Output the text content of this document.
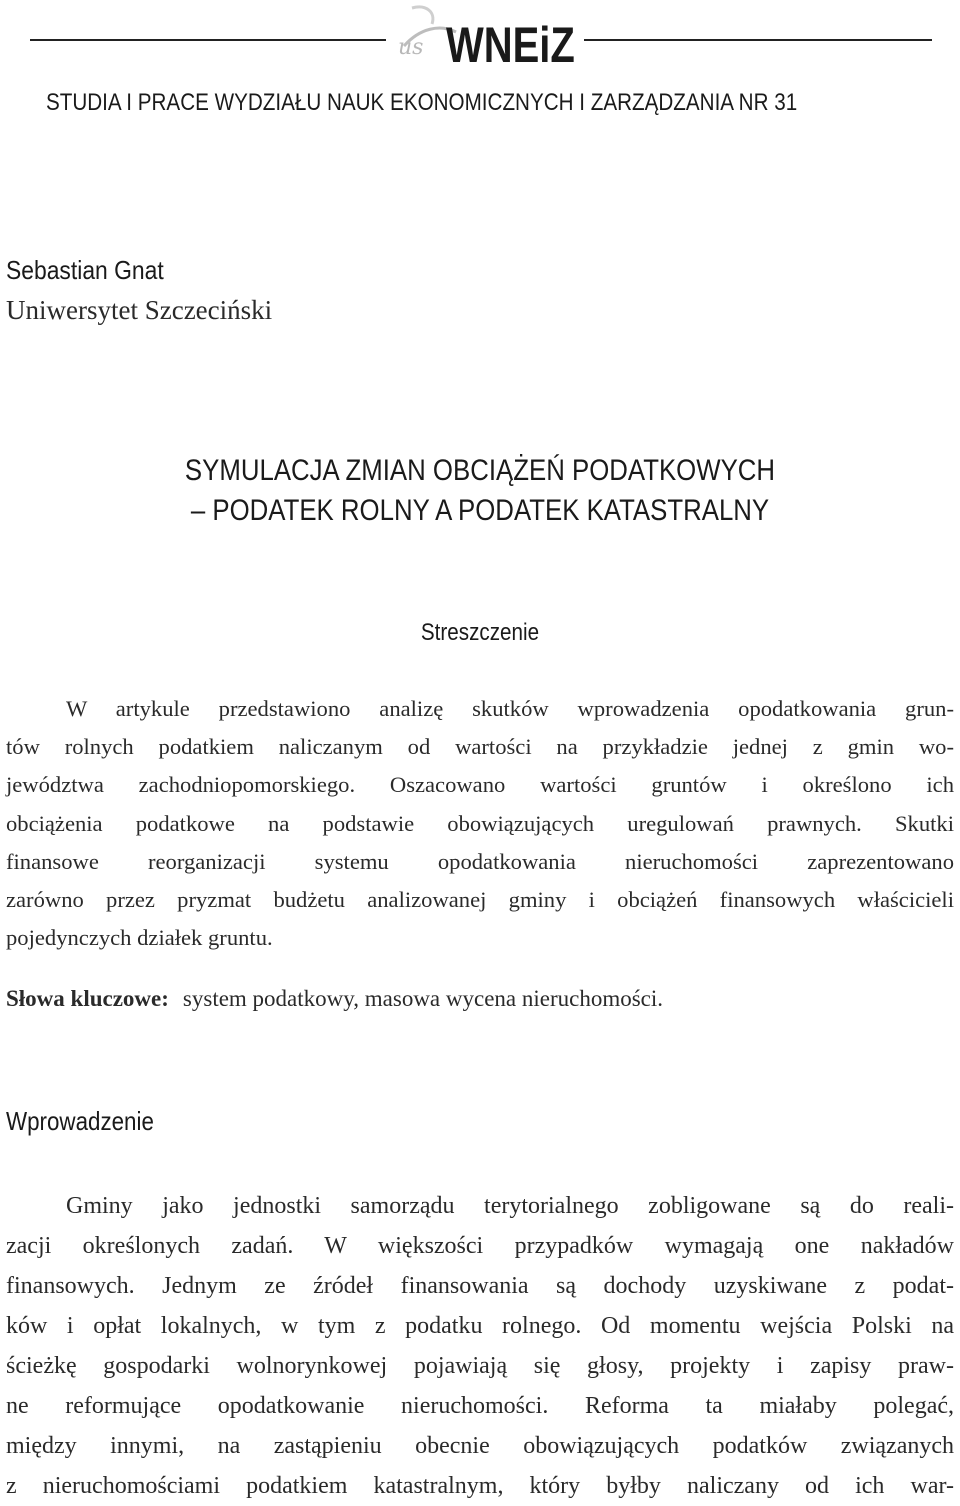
us WNEiZ
STUDIA I PRACE WYDZIAŁU NAUK EKONOMICZNYCH I ZARZĄDZANIA NR 31
Sebastian Gnat
Uniwersytet Szczeciński
SYMULACJA ZMIAN OBCIĄŻEŃ PODATKOWYCH
– PODATEK ROLNY A PODATEK KATASTRALNY
Streszczenie
W artykule przedstawiono analizę skutków wprowadzenia opodatkowania grun-
tów rolnych podatkiem naliczanym od wartości na przykładzie jednej z gmin wo-
jewództwa zachodniopomorskiego. Oszacowano wartości gruntów i określono ich
obciążenia podatkowe na podstawie obowiązujących uregulowań prawnych. Skutki
finansowe reorganizacji systemu opodatkowania nieruchomości zaprezentowano
zarówno przez pryzmat budżetu analizowanej gminy i obciążeń finansowych właścicieli
pojedynczych działek gruntu.
Słowa kluczowe: system podatkowy, masowa wycena nieruchomości.
Wprowadzenie
Gminy jako jednostki samorządu terytorialnego zobligowane są do reali-
zacji określonych zadań. W większości przypadków wymagają one nakładów
finansowych. Jednym ze źródeł finansowania są dochody uzyskiwane z podat-
ków i opłat lokalnych, w tym z podatku rolnego. Od momentu wejścia Polski na
ścieżkę gospodarki wolnorynkowej pojawiają się głosy, projekty i zapisy praw-
ne reformujące opodatkowanie nieruchomości. Reforma ta miałaby polegać,
między innymi, na zastąpieniu obecnie obowiązujących podatków związanych
z nieruchomościami podatkiem katastralnym, który byłby naliczany od ich war-
